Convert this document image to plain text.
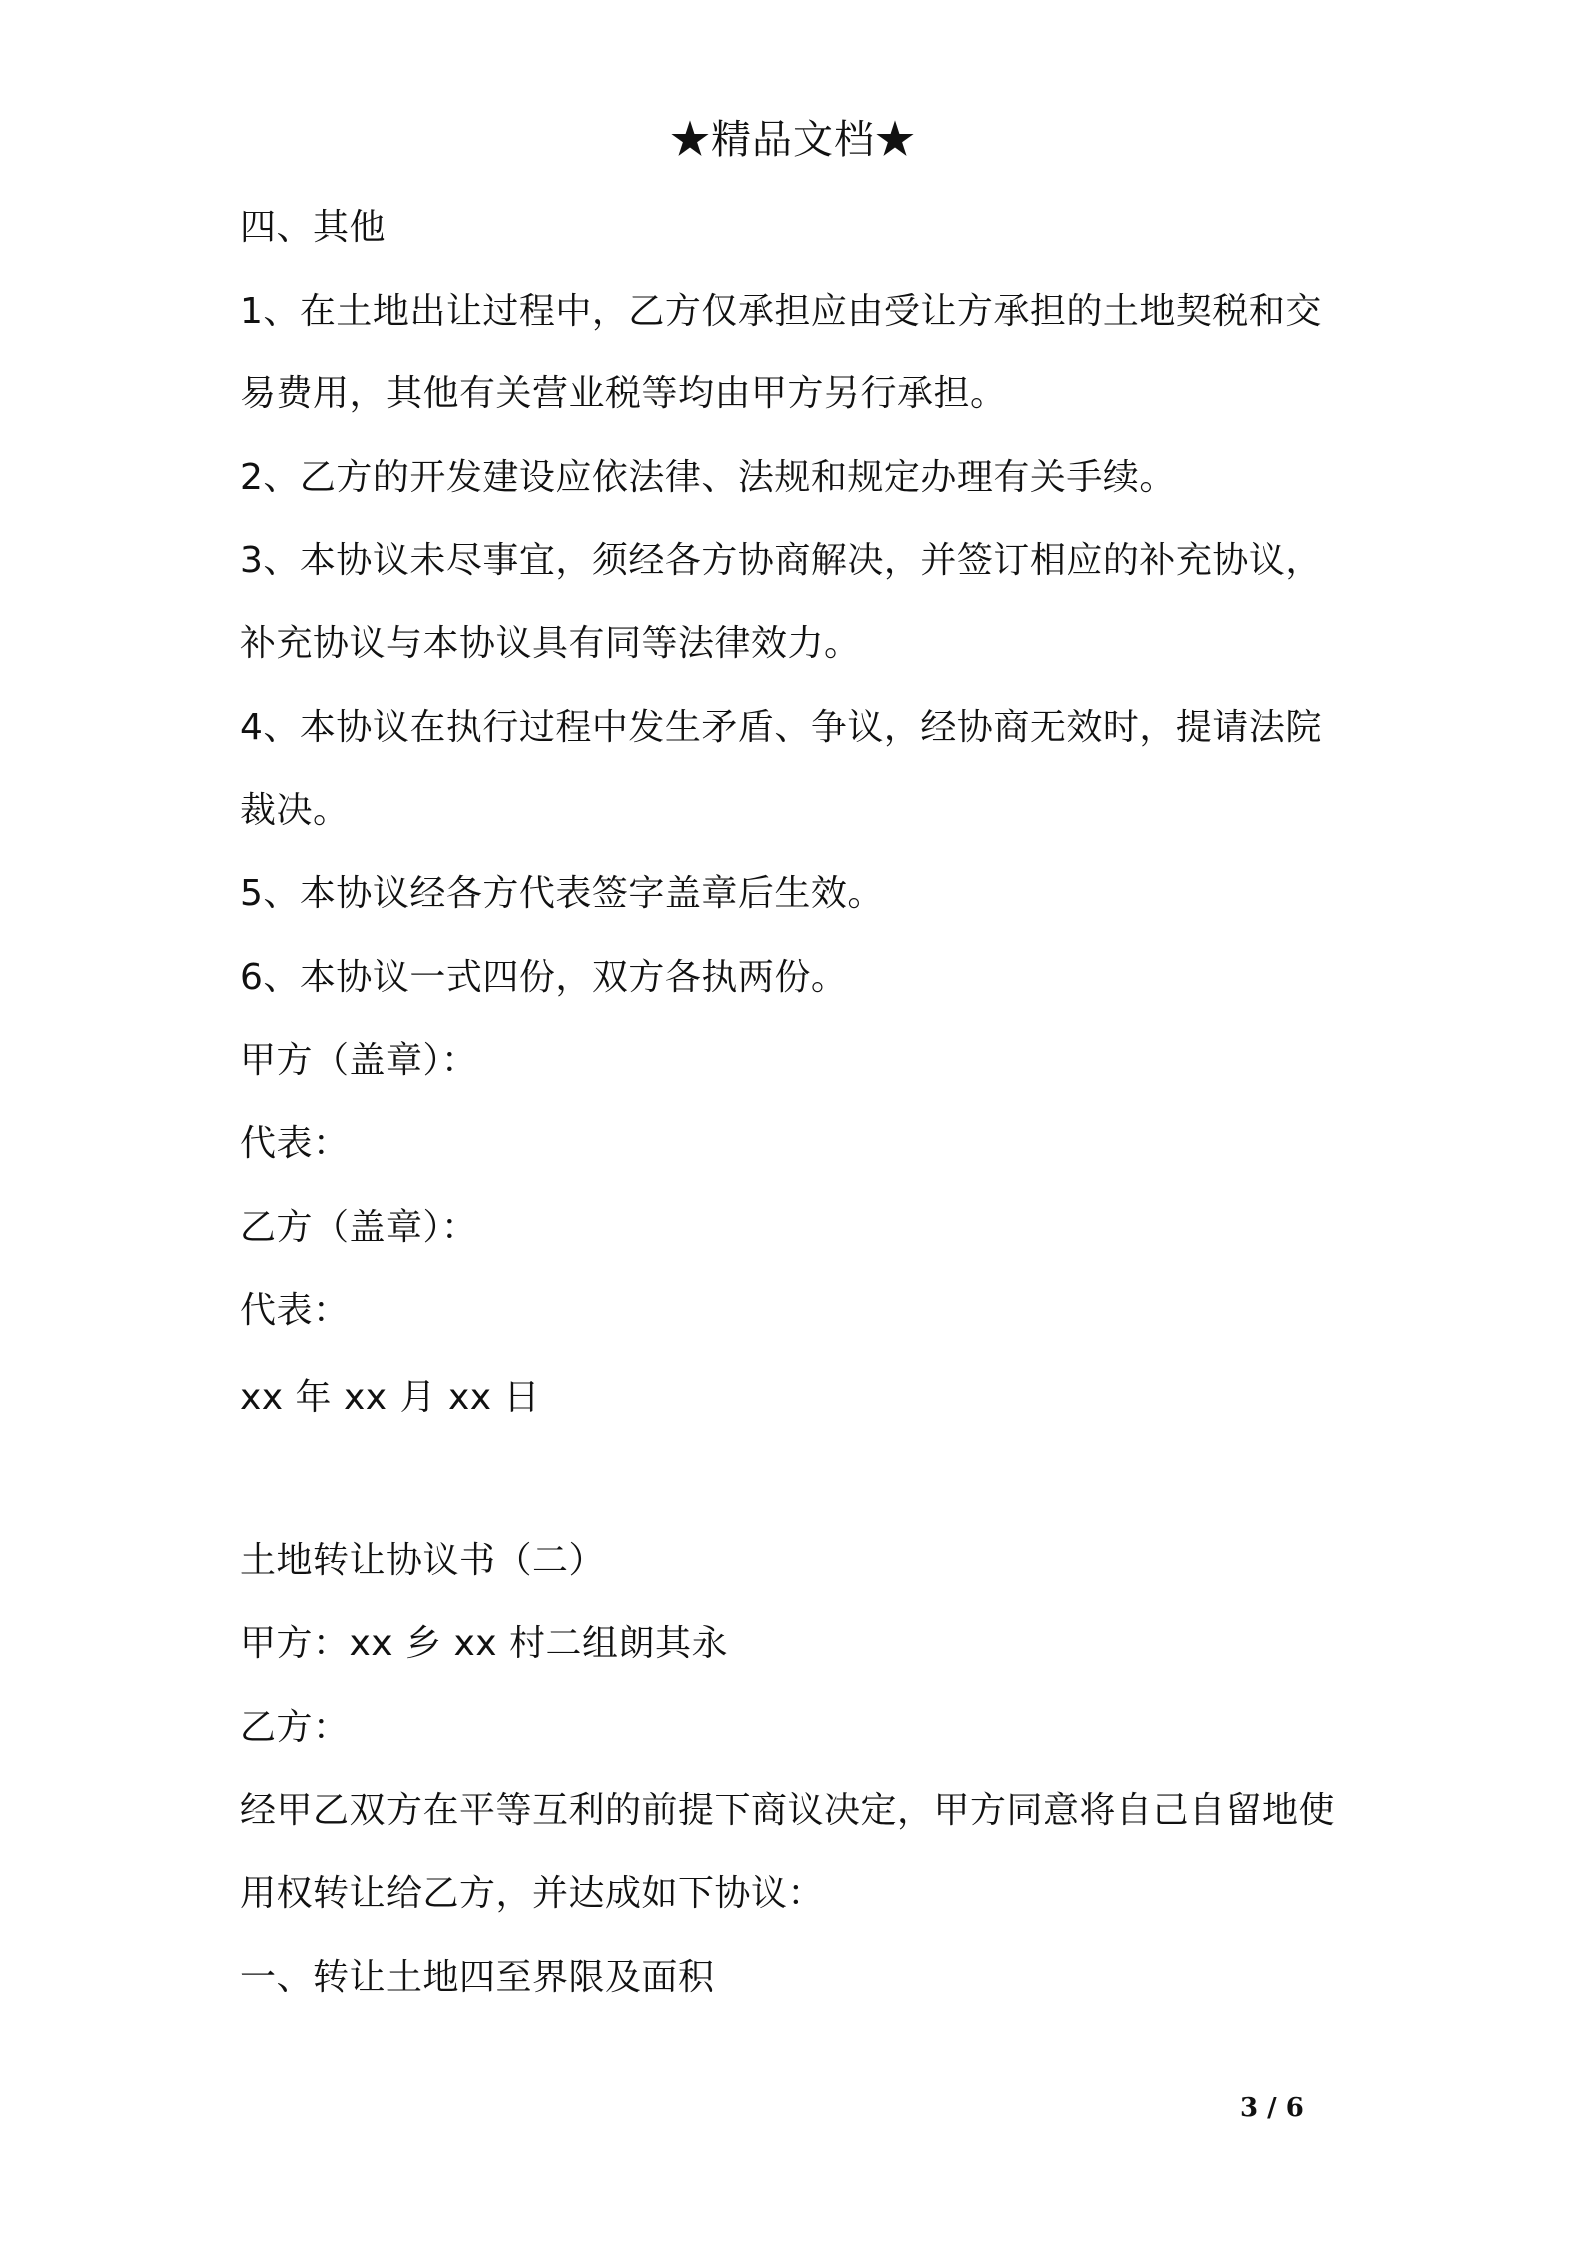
★精品文档★
四、其他
1、在土地出让过程中，乙方仅承担应由受让方承担的土地契税和交
易费用，其他有关营业税等均由甲方另行承担。
2、乙方的开发建设应依法律、法规和规定办理有关手续。
3、本协议未尽事宜，须经各方协商解决，并签订相应的补充协议，
补充协议与本协议具有同等法律效力。
4、本协议在执行过程中发生矛盾、争议，经协商无效时，提请法院
裁决。
5、本协议经各方代表签字盖章后生效。
6、本协议一式四份，双方各执两份。
甲方（盖章）：
代表：
乙方（盖章）：
代表：
xx 年 xx 月 xx 日
土地转让协议书（二）
甲方：xx 乡 xx 村二组朗其永
乙方：
经甲乙双方在平等互利的前提下商议决定，甲方同意将自己自留地使
用权转让给乙方，并达成如下协议：
一、转让土地四至界限及面积
3 / 6
